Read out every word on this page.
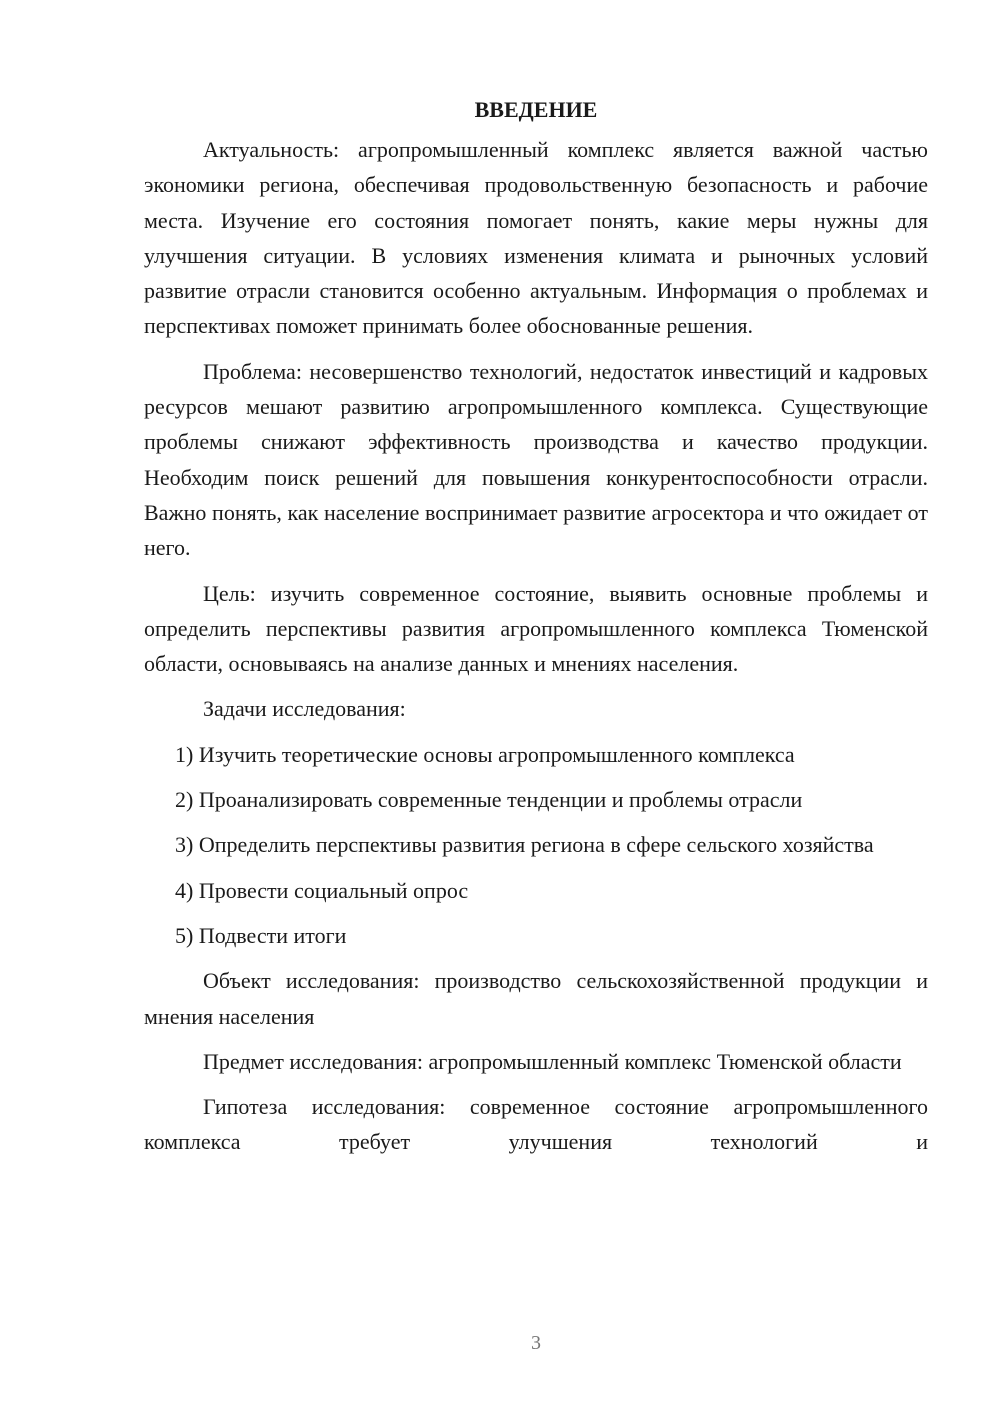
ВВЕДЕНИЕ

Актуальность: агропромышленный комплекс является важной частью экономики региона, обеспечивая продовольственную безопасность и рабочие места. Изучение его состояния помогает понять, какие меры нужны для улучшения ситуации. В условиях изменения климата и рыночных условий развитие отрасли становится особенно актуальным. Информация о проблемах и перспективах поможет принимать более обоснованные решения.

Проблема: несовершенство технологий, недостаток инвестиций и кадровых ресурсов мешают развитию агропромышленного комплекса. Существующие проблемы снижают эффективность производства и качество продукции. Необходим поиск решений для повышения конкурентоспособности отрасли. Важно понять, как население воспринимает развитие агросектора и что ожидает от него.

Цель: изучить современное состояние, выявить основные проблемы и определить перспективы развития агропромышленного комплекса Тюменской области, основываясь на анализе данных и мнениях населения.

Задачи исследования:

1) Изучить теоретические основы агропромышленного комплекса

2) Проанализировать современные тенденции и проблемы отрасли

3) Определить перспективы развития региона в сфере сельского хозяйства

4) Провести социальный опрос

5) Подвести итоги

Объект исследования: производство сельскохозяйственной продукции и мнения населения

Предмет исследования: агропромышленный комплекс Тюменской области

Гипотеза исследования: современное состояние агропромышленного комплекса требует улучшения технологий и

3
